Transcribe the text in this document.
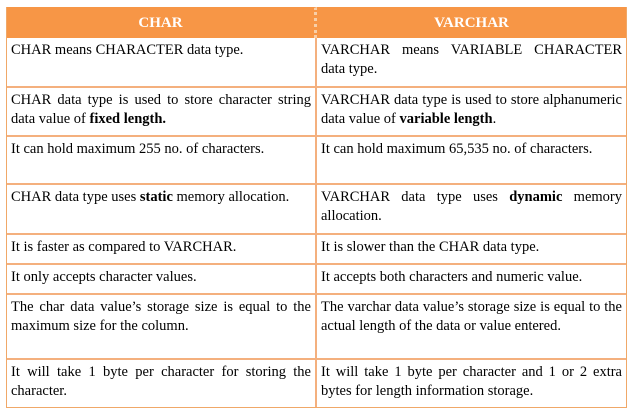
CHAR	VARCHAR
CHAR means CHARACTER data type.	VARCHAR means VARIABLE CHARACTER data type.
CHAR data type is used to store character string data value of fixed length.	VARCHAR data type is used to store alphanumeric data value of variable length.
It can hold maximum 255 no. of characters.	It can hold maximum 65,535 no. of characters.
CHAR data type uses static memory allocation.	VARCHAR data type uses dynamic memory allocation.
It is faster as compared to VARCHAR.	It is slower than the CHAR data type.
It only accepts character values.	It accepts both characters and numeric value.
The char data value’s storage size is equal to the maximum size for the column.	The varchar data value’s storage size is equal to the actual length of the data or value entered.
It will take 1 byte per character for storing the character.	It will take 1 byte per character and 1 or 2 extra bytes for length information storage.
